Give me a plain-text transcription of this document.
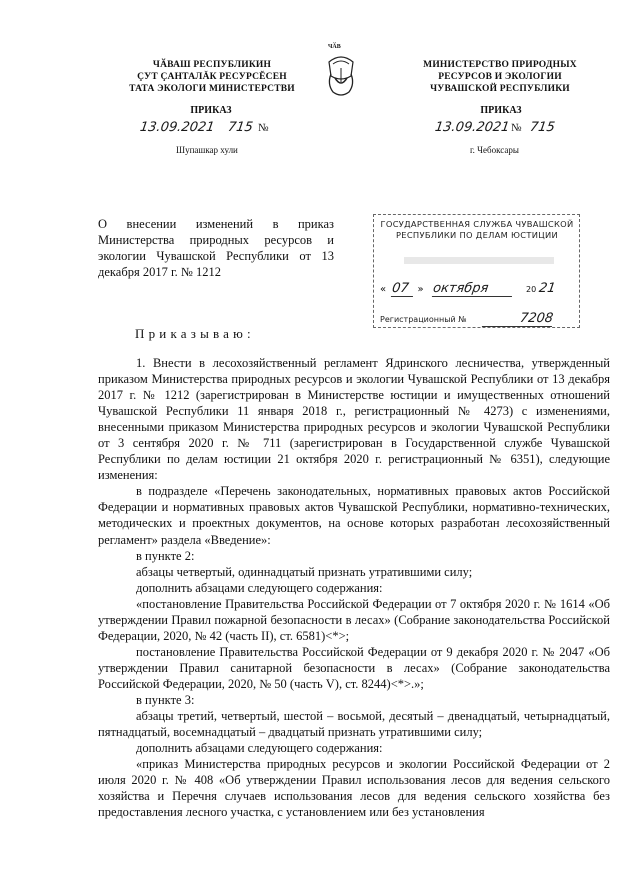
ЧӐВАШ РЕСПУБЛИКИН
ÇУТ ÇАНТАЛĂК РЕСУРСĔСЕН
ТАТА ЭКОЛОГИ МИНИСТЕРСТВИ
ПРИКАЗ
13.09.2021 715 №
Шупашкар хули
ЧӐВ
МИНИСТЕРСТВО ПРИРОДНЫХ
РЕСУРСОВ И ЭКОЛОГИИ
ЧУВАШСКОЙ РЕСПУБЛИКИ
ПРИКАЗ
13.09.2021 № 715
г. Чебоксары
О внесении изменений в приказ Министерства природных ресурсов и экологии Чувашской Республики от 13 декабря 2017 г. № 1212
ГОСУДАРСТВЕННАЯ СЛУЖБА ЧУВАШСКОЙ
РЕСПУБЛИКИ ПО ДЕЛАМ ЮСТИЦИИ
« 07 » октября	20 21
Регистрационный №	7208
Приказываю:

1. Внести в лесохозяйственный регламент Ядринского лесничества, утвержденный приказом Министерства природных ресурсов и экологии Чувашской Республики от 13 декабря 2017 г. № 1212 (зарегистрирован в Министерстве юстиции и имущественных отношений Чувашской Республики 11 января 2018 г., регистрационный № 4273) с изменениями, внесенными приказом Министерства природных ресурсов и экологии Чувашской Республики от 3 сентября 2020 г. № 711 (зарегистрирован в Государственной службе Чувашской Республики по делам юстиции 21 октября 2020 г. регистрационный № 6351), следующие изменения:

в подразделе «Перечень законодательных, нормативных правовых актов Российской Федерации и нормативных правовых актов Чувашской Республики, нормативно-технических, методических и проектных документов, на основе которых разработан лесохозяйственный регламент» раздела «Введение»:

в пункте 2:

абзацы четвертый, одиннадцатый признать утратившими силу;

дополнить абзацами следующего содержания:

«постановление Правительства Российской Федерации от 7 октября 2020 г. № 1614 «Об утверждении Правил пожарной безопасности в лесах» (Собрание законодательства Российской Федерации, 2020, № 42 (часть II), ст. 6581)<*>;

постановление Правительства Российской Федерации от 9 декабря 2020 г. № 2047 «Об утверждении Правил санитарной безопасности в лесах» (Собрание законодательства Российской Федерации, 2020, № 50 (часть V), ст. 8244)<*>.»;

в пункте 3:

абзацы третий, четвертый, шестой – восьмой, десятый – двенадцатый, четырнадцатый, пятнадцатый, восемнадцатый – двадцатый признать утратившими силу;

дополнить абзацами следующего содержания:

«приказ Министерства природных ресурсов и экологии Российской Федерации от 2 июля 2020 г. № 408 «Об утверждении Правил использования лесов для ведения сельского хозяйства и Перечня случаев использования лесов для ведения сельского хозяйства без предоставления лесного участка, с установлением или без установления
